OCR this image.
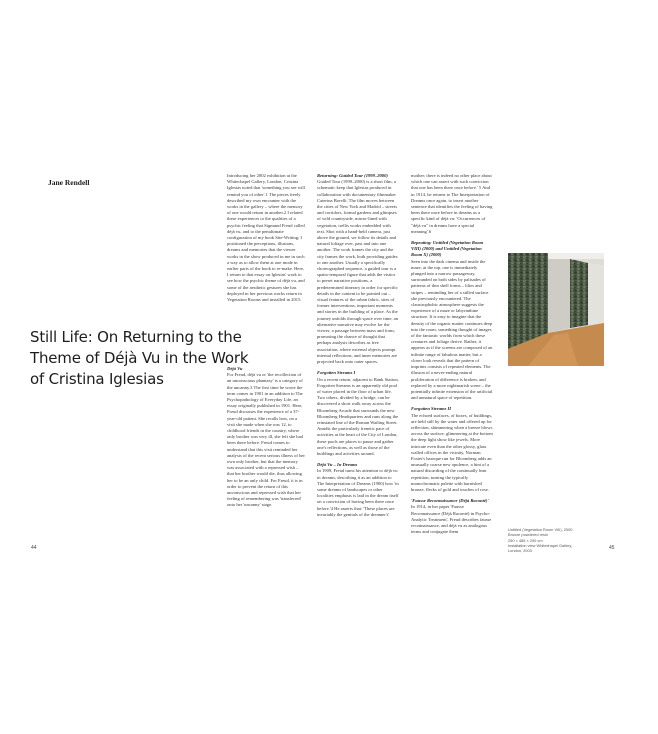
Jane Rendell
Still Life: On Returning to the Theme of Déjà Vu in the Work of Cristina Iglesias

Introducing her 2002 exhibition at the Whitechapel Gallery, London, Cristina Iglesias noted that 'something you see will remind you of other'.1 The pieces freely described my own encounter with the works in the gallery – where the memory of one would return in another.2 I related these experiences to the qualities of a psychic feeling that Sigmund Freud called déjà vu, and to the penultimate configuration of my book Site-Writing; I positioned the perceptions, illusions, dreams and memories that the viewer works in the show produced in me in such a way as to allow them at one mode in earlier parts of the book to re-make. Here, I return to that essay on Iglesias' work to see how the psychic theme of déjà vu, and some of the aesthetic gestures she has deployed in her previous works return in Vegetation Rooms and installed in 2015.

Déjà Vu

For Freud, déjà vu or 'the recollection of an unconscious phantasy' is a category of the uncanny.3 The first time he wrote the term comes in 1901 in an addition to The Psychopathology of Everyday Life, an essay originally published in 1901. Here, Freud discusses the experience of a 37-year-old patient. She recalls how, on a visit she made when she was 12, to childhood friends in the country, where only brother was very ill, she felt she had been there before. Freud comes to understand that this visit reminded her analysis of the recent serious illness of her own only brother, but that the memory was associated with a repressed wish – that her brother would die, thus allowing her to be an only child. For Freud, it is in order to prevent the return of this unconscious and repressed wish that her feeling of remembering was 'transferred' onto her 'uncanny' stage.

Returning: Guided Tour (1999–2000)

Guided Tour (1999–2000) is a short film, a schematic keep that Iglesias produced in collaboration with documentary filmmaker Caterina Borelli. The film moves between the cities of New York and Madrid – streets and corridors, formal gardens and glimpses of wild countryside, mirror-lined with vegetation, trellis works embedded with text. Shot with a hand-held camera, just above the ground, we follow its details and natural foliage over, past and into one another. The work frames the city and the city frames the work, both providing guides to one another. Usually a specifically choreographed sequence, a guided tour is a spatio-temporal figure that adds the visitor to preset narrative positions, a predetermined itinerary in order for specific details in the content to be pointed out – visual features of the urban fabric, sites of former interventions, important moments and stories in the building of a place. As the journey unfolds through space over time, an alternative narrative may evolve for the viewer, a passage between mass and form, promoting the chance of thought that perhaps analysis describes as free association, where external objects prompt internal reflections, and inner memories are projected back onto outer spaces.

Forgotten Streams I

On a recent return, adjacent to Bank Station, Forgotten Streams is an apparently old pool of water placed in the floor of urban life. Two others, divided by a bridge, can be discovered a short walk away across the Bloomberg Arcade that surrounds the new Bloomberg Headquarters and runs along the reinstated line of the Roman Watling Street. Amidst the particularly frenetic pace of activities at the heart of the City of London, these pools are places to pause and gather one's reflections, as well as those of the buildings and activities around.

Déjà Vu – In Dreams

In 1909, Freud turns his attention to déjà vu in dreams, describing it as an addition to The Interpretation of Dreams (1900) how 'in some dreams of landscapes or other localities emphasis is laid in the dream itself on a conviction of having been there once before.'4 He asserts that: 'These places are invariably the genitals of the dreamer's'

mother; there is indeed no other place about which one can assert with such conviction that one has been there once before.' 5 And in 1914, he returns to The Interpretation of Dreams once again, to insert another sentence that identifies the feeling of having been there once before in dreams as a specific kind of déjà vu: 'Occurrences of "déjà vu" in dreams have a special meaning'.6

Repeating: Untitled (Vegetation Room VIII) (2000) and Untitled (Vegetation Room X) (2000)

Seen into the dark cinema and inside the maze, at the top, one is immediately plunged into a narrow passageway, surrounded on both sides by palisades of patterns of thin shell forms – lilies and stripes – reminding her of a stilled surface she previously encountered. The claustrophobic atmosphere suggests the experience of a maze or labyrinthine structure. It is easy to imagine that the density of the organic matter continues deep into the room, something thought of images of the fantastic worlds from which these creatures and foliage derive. Rather, it appears as if the screens are composed of an infinite range of fabulous matter, but a closer look reveals that the pattern of imprints consists of repeated elements. The illusion of a never-ending natural proliferation of difference is broken, and replaced by a more nightmarish scene – the potentially infinite extension of the artificial and unnatural space of repetition.

Forgotten Streams II

The echoed surfaces, of boxes, of buildings, are held still by the water and offered up for reflection, shimmering when a breeze blows across the surface, glimmering at the bottom the deep light show like jewels. More intricate even than the other glossy, glass walled offices in the vicinity, Norman Foster's baroque run for Bloomberg adds an unusually coarse new opulence, a hint of a natural discarding of the continually lean repetition, turning the typically monochromatic palette with burnished bronze, flecks of gold and touches of rose.

'Fausse Reconnaissance (Déjà Raconté)'

In 1914, in her paper 'Fausse Reconnaissance (Déjà Raconté) in Psycho-Analytic Treatment', Freud describes fausse reconnaissance, and déjà vu as analogous terms and conjugate them	Untitled (Vegetation Room VIII), 2000
Bronze powdered resin
250 × 485 × 200 cm
Installation view Whitechapel Gallery,
London, 2003
44	45
